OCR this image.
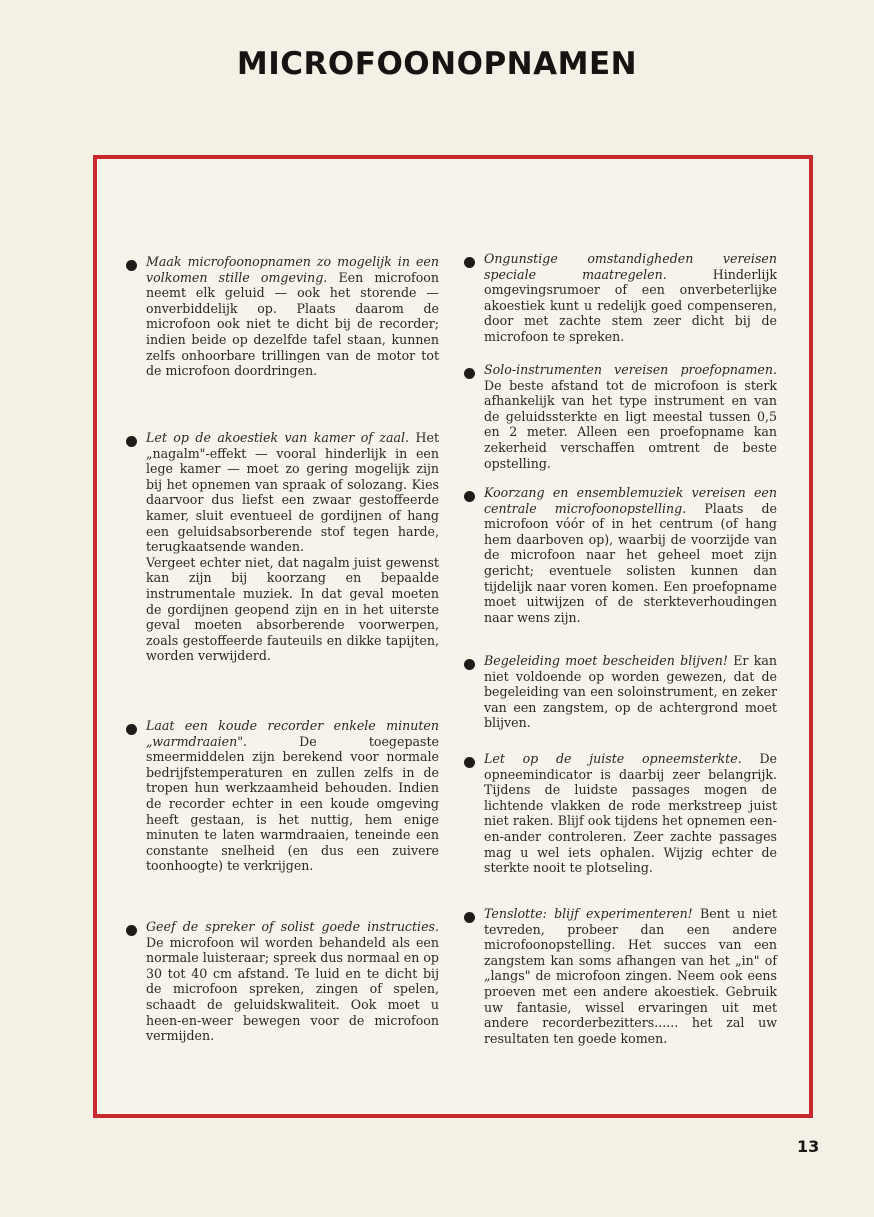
MICROFOONOPNAMEN
Maak microfoonopnamen zo mogelijk in een volkomen stille omgeving. Een microfoon neemt elk geluid — ook het storende — onverbiddelijk op. Plaats daarom de microfoon ook niet te dicht bij de recorder; indien beide op dezelfde tafel staan, kunnen zelfs onhoorbare trillingen van de motor tot de microfoon doordringen.
Let op de akoestiek van kamer of zaal. Het „nagalm"-effekt — vooral hinderlijk in een lege kamer — moet zo gering mogelijk zijn bij het opnemen van spraak of solozang. Kies daarvoor dus liefst een zwaar gestoffeerde kamer, sluit eventueel de gordijnen of hang een geluidsabsorberende stof tegen harde, terugkaatsende wanden.
Vergeet echter niet, dat nagalm juist gewenst kan zijn bij koorzang en bepaalde instrumentale muziek. In dat geval moeten de gordijnen geopend zijn en in het uiterste geval moeten absorberende voorwerpen, zoals gestoffeerde fauteuils en dikke tapijten, worden verwijderd.
Laat een koude recorder enkele minuten „warmdraaien". De toegepaste smeermiddelen zijn berekend voor normale bedrijfstemperaturen en zullen zelfs in de tropen hun werkzaamheid behouden. Indien de recorder echter in een koude omgeving heeft gestaan, is het nuttig, hem enige minuten te laten warmdraaien, teneinde een constante snelheid (en dus een zuivere toonhoogte) te verkrijgen.
Geef de spreker of solist goede instructies. De microfoon wil worden behandeld als een normale luisteraar; spreek dus normaal en op 30 tot 40 cm afstand. Te luid en te dicht bij de microfoon spreken, zingen of spelen, schaadt de geluidskwaliteit. Ook moet u heen-en-weer bewegen voor de microfoon vermijden.
Ongunstige omstandigheden vereisen speciale maatregelen. Hinderlijk omgevingsrumoer of een onverbeterlijke akoestiek kunt u redelijk goed compenseren, door met zachte stem zeer dicht bij de microfoon te spreken.
Solo-instrumenten vereisen proefopnamen. De beste afstand tot de microfoon is sterk afhankelijk van het type instrument en van de geluidssterkte en ligt meestal tussen 0,5 en 2 meter. Alleen een proefopname kan zekerheid verschaffen omtrent de beste opstelling.
Koorzang en ensemblemuziek vereisen een centrale microfoonopstelling. Plaats de microfoon vóór of in het centrum (of hang hem daarboven op), waarbij de voorzijde van de microfoon naar het geheel moet zijn gericht; eventuele solisten kunnen dan tijdelijk naar voren komen. Een proefopname moet uitwijzen of de sterkteverhoudingen naar wens zijn.
Begeleiding moet bescheiden blijven! Er kan niet voldoende op worden gewezen, dat de begeleiding van een soloinstrument, en zeker van een zangstem, op de achtergrond moet blijven.
Let op de juiste opneemsterkte. De opneemindicator is daarbij zeer belangrijk. Tijdens de luidste passages mogen de lichtende vlakken de rode merkstreep juist niet raken. Blijf ook tijdens het opnemen een-en-ander controleren. Zeer zachte passages mag u wel iets ophalen. Wijzig echter de sterkte nooit te plotseling.
Tenslotte: blijf experimenteren! Bent u niet tevreden, probeer dan een andere microfoonopstelling. Het succes van een zangstem kan soms afhangen van het „in" of „langs" de microfoon zingen. Neem ook eens proeven met een andere akoestiek. Gebruik uw fantasie, wissel ervaringen uit met andere recorderbezitters...... het zal uw resultaten ten goede komen.
13
